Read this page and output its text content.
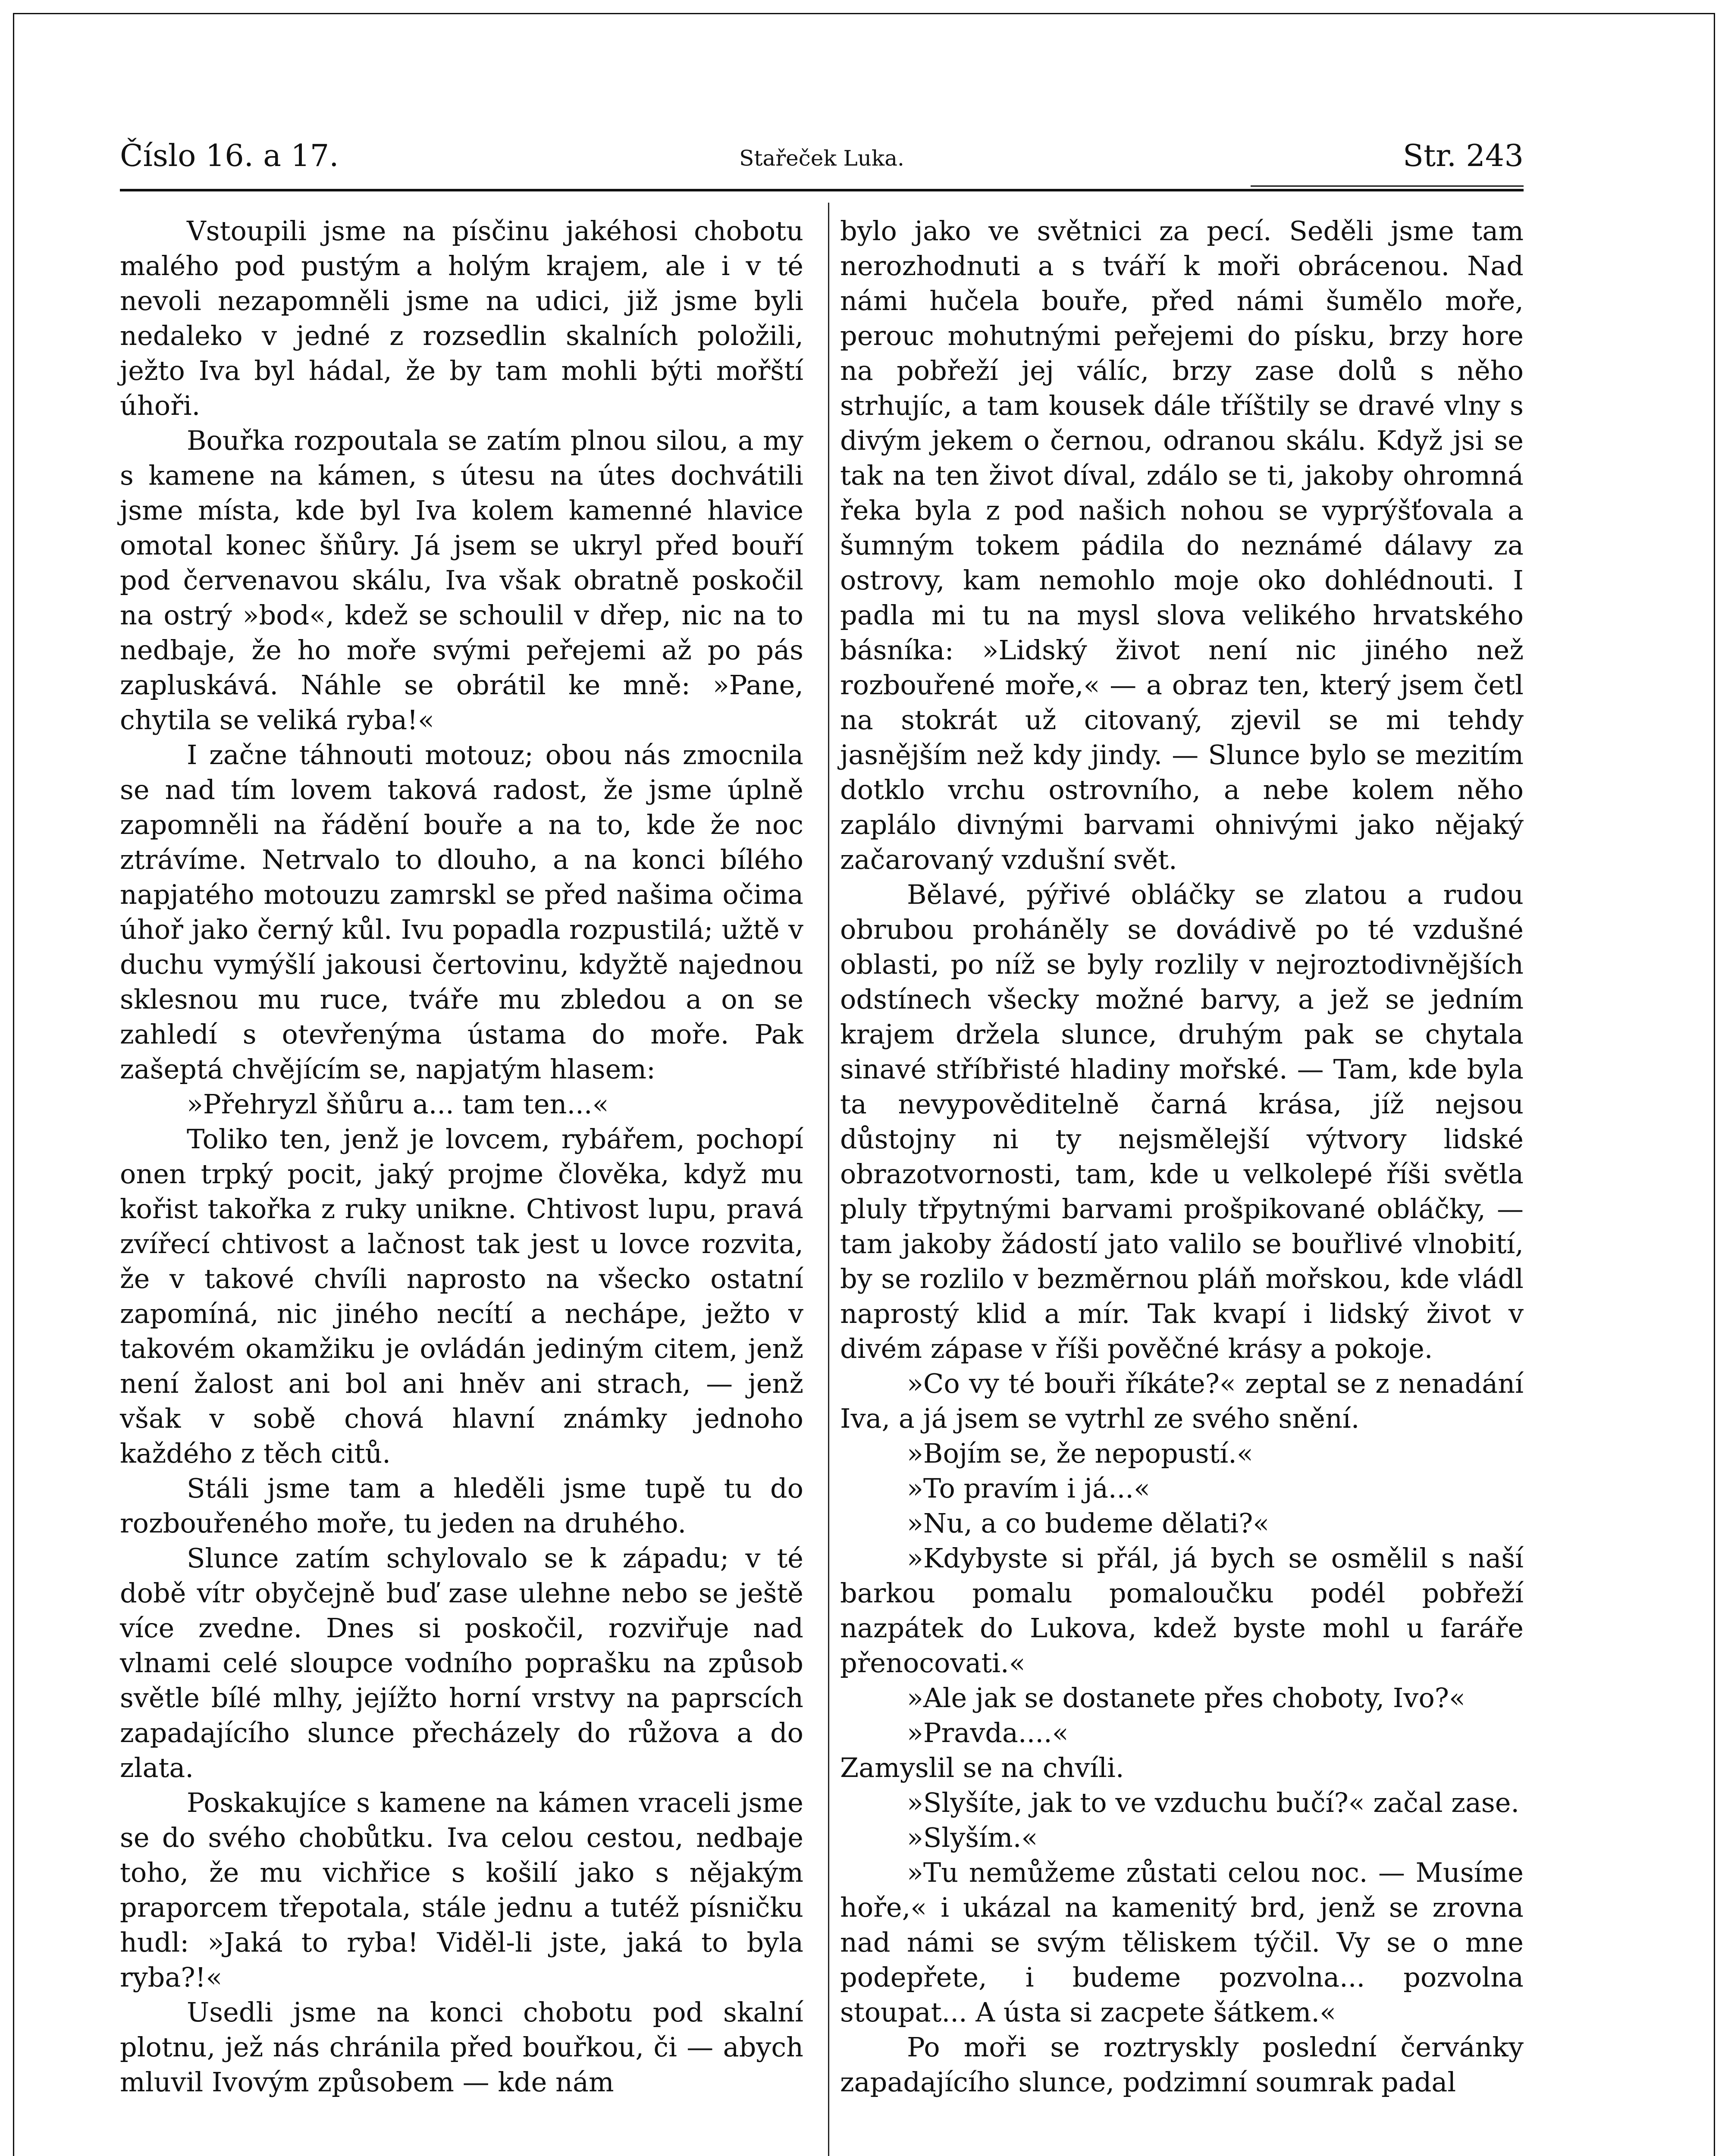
Číslo 16. a 17.	Stařeček Luka.	Str. 243

Vstoupili jsme na písčinu jakéhosi chobotu malého pod pustým a holým krajem, ale i v té nevoli nezapomněli jsme na udici, již jsme byli nedaleko v jedné z rozsedlin skalních položili, ježto Iva byl hádal, že by tam mohli býti mořští úhoři.

Bouřka rozpoutala se zatím plnou silou, a my s kamene na kámen, s útesu na útes dochvátili jsme místa, kde byl Iva kolem kamenné hlavice omotal konec šňůry. Já jsem se ukryl před bouří pod červenavou skálu, Iva však obratně poskočil na ostrý »bod«, kdež se schoulil v dřep, nic na to nedbaje, že ho moře svými peřejemi až po pás zapluskává. Náhle se obrátil ke mně: »Pane, chytila se veliká ryba!«

I začne táhnouti motouz; obou nás zmocnila se nad tím lovem taková radost, že jsme úplně zapomněli na řádění bouře a na to, kde že noc ztrávíme. Netrvalo to dlouho, a na konci bílého napjatého motouzu zamrskl se před našima očima úhoř jako černý kůl. Ivu popadla rozpustilá; užtě v duchu vymýšlí jakousi čertovinu, kdyžtě najednou sklesnou mu ruce, tváře mu zbledou a on se zahledí s otevřenýma ústama do moře. Pak zašeptá chvějícím se, napjatým hlasem:

»Přehryzl šňůru a... tam ten...«

Toliko ten, jenž je lovcem, rybářem, pochopí onen trpký pocit, jaký projme člověka, když mu kořist takořka z ruky unikne. Chtivost lupu, pravá zvířecí chtivost a lačnost tak jest u lovce rozvita, že v takové chvíli naprosto na všecko ostatní zapomíná, nic jiného necítí a nechápe, ježto v takovém okamžiku je ovládán jediným citem, jenž není žalost ani bol ani hněv ani strach, — jenž však v sobě chová hlavní známky jednoho každého z těch citů.

Stáli jsme tam a hleděli jsme tupě tu do rozbouřeného moře, tu jeden na druhého.

Slunce zatím schylovalo se k západu; v té době vítr obyčejně buď zase ulehne nebo se ještě více zvedne. Dnes si poskočil, rozviřuje nad vlnami celé sloupce vodního poprašku na způsob světle bílé mlhy, jejížto horní vrstvy na paprscích zapadajícího slunce přecházely do růžova a do zlata.

Poskakujíce s kamene na kámen vraceli jsme se do svého chobůtku. Iva celou cestou, nedbaje toho, že mu vichřice s košilí jako s nějakým praporcem třepotala, stále jednu a tutéž písničku hudl: »Jaká to ryba! Viděl-li jste, jaká to byla ryba?!«

Usedli jsme na konci chobotu pod skalní plotnu, jež nás chránila před bouřkou, či — abych mluvil Ivovým způsobem — kde nám

bylo jako ve světnici za pecí. Seděli jsme tam nerozhodnuti a s tváří k moři obrácenou. Nad námi hučela bouře, před námi šumělo moře, perouc mohutnými peřejemi do písku, brzy hore na pobřeží jej válíc, brzy zase dolů s něho strhujíc, a tam kousek dále tříštily se dravé vlny s divým jekem o černou, odranou skálu. Když jsi se tak na ten život díval, zdálo se ti, jakoby ohromná řeka byla z pod našich nohou se vyprýšťovala a šumným tokem pádila do neznámé dálavy za ostrovy, kam nemohlo moje oko dohlédnouti. I padla mi tu na mysl slova velikého hrvatského básníka: »Lidský život není nic jiného než rozbouřené moře,« — a obraz ten, který jsem četl na stokrát už citovaný, zjevil se mi tehdy jasnějším než kdy jindy. — Slunce bylo se mezitím dotklo vrchu ostrovního, a nebe kolem něho zaplálo divnými barvami ohnivými jako nějaký začarovaný vzdušní svět.

Bělavé, pýřivé obláčky se zlatou a rudou obrubou proháněly se dovádivě po té vzdušné oblasti, po níž se byly rozlily v nejroztodivnějších odstínech všecky možné barvy, a jež se jedním krajem držela slunce, druhým pak se chytala sinavé stříbřisté hladiny mořské. — Tam, kde byla ta nevypověditelně čarná krása, jíž nejsou důstojny ni ty nejsmělejší výtvory lidské obrazotvornosti, tam, kde u velkolepé říši světla pluly třpytnými barvami prošpikované obláčky, — tam jakoby žádostí jato valilo se bouřlivé vlnobití, by se rozlilo v bezměrnou pláň mořskou, kde vládl naprostý klid a mír. Tak kvapí i lidský život v divém zápase v říši pověčné krásy a pokoje.

»Co vy té bouři říkáte?« zeptal se z nenadání Iva, a já jsem se vytrhl ze svého snění.

»Bojím se, že nepopustí.«

»To pravím i já...«

»Nu, a co budeme dělati?«

»Kdybyste si přál, já bych se osmělil s naší barkou pomalu pomaloučku podél pobřeží nazpátek do Lukova, kdež byste mohl u faráře přenocovati.«

»Ale jak se dostanete přes choboty, Ivo?«

»Pravda....«

Zamyslil se na chvíli.

»Slyšíte, jak to ve vzduchu bučí?« začal zase.

»Slyším.«

»Tu nemůžeme zůstati celou noc. — Musíme hoře,« i ukázal na kamenitý brd, jenž se zrovna nad námi se svým těliskem týčil. Vy se o mne podepřete, i budeme pozvolna... pozvolna stoupat... A ústa si zacpete šátkem.«

Po moři se roztryskly poslední červánky zapadajícího slunce, podzimní soumrak padal
